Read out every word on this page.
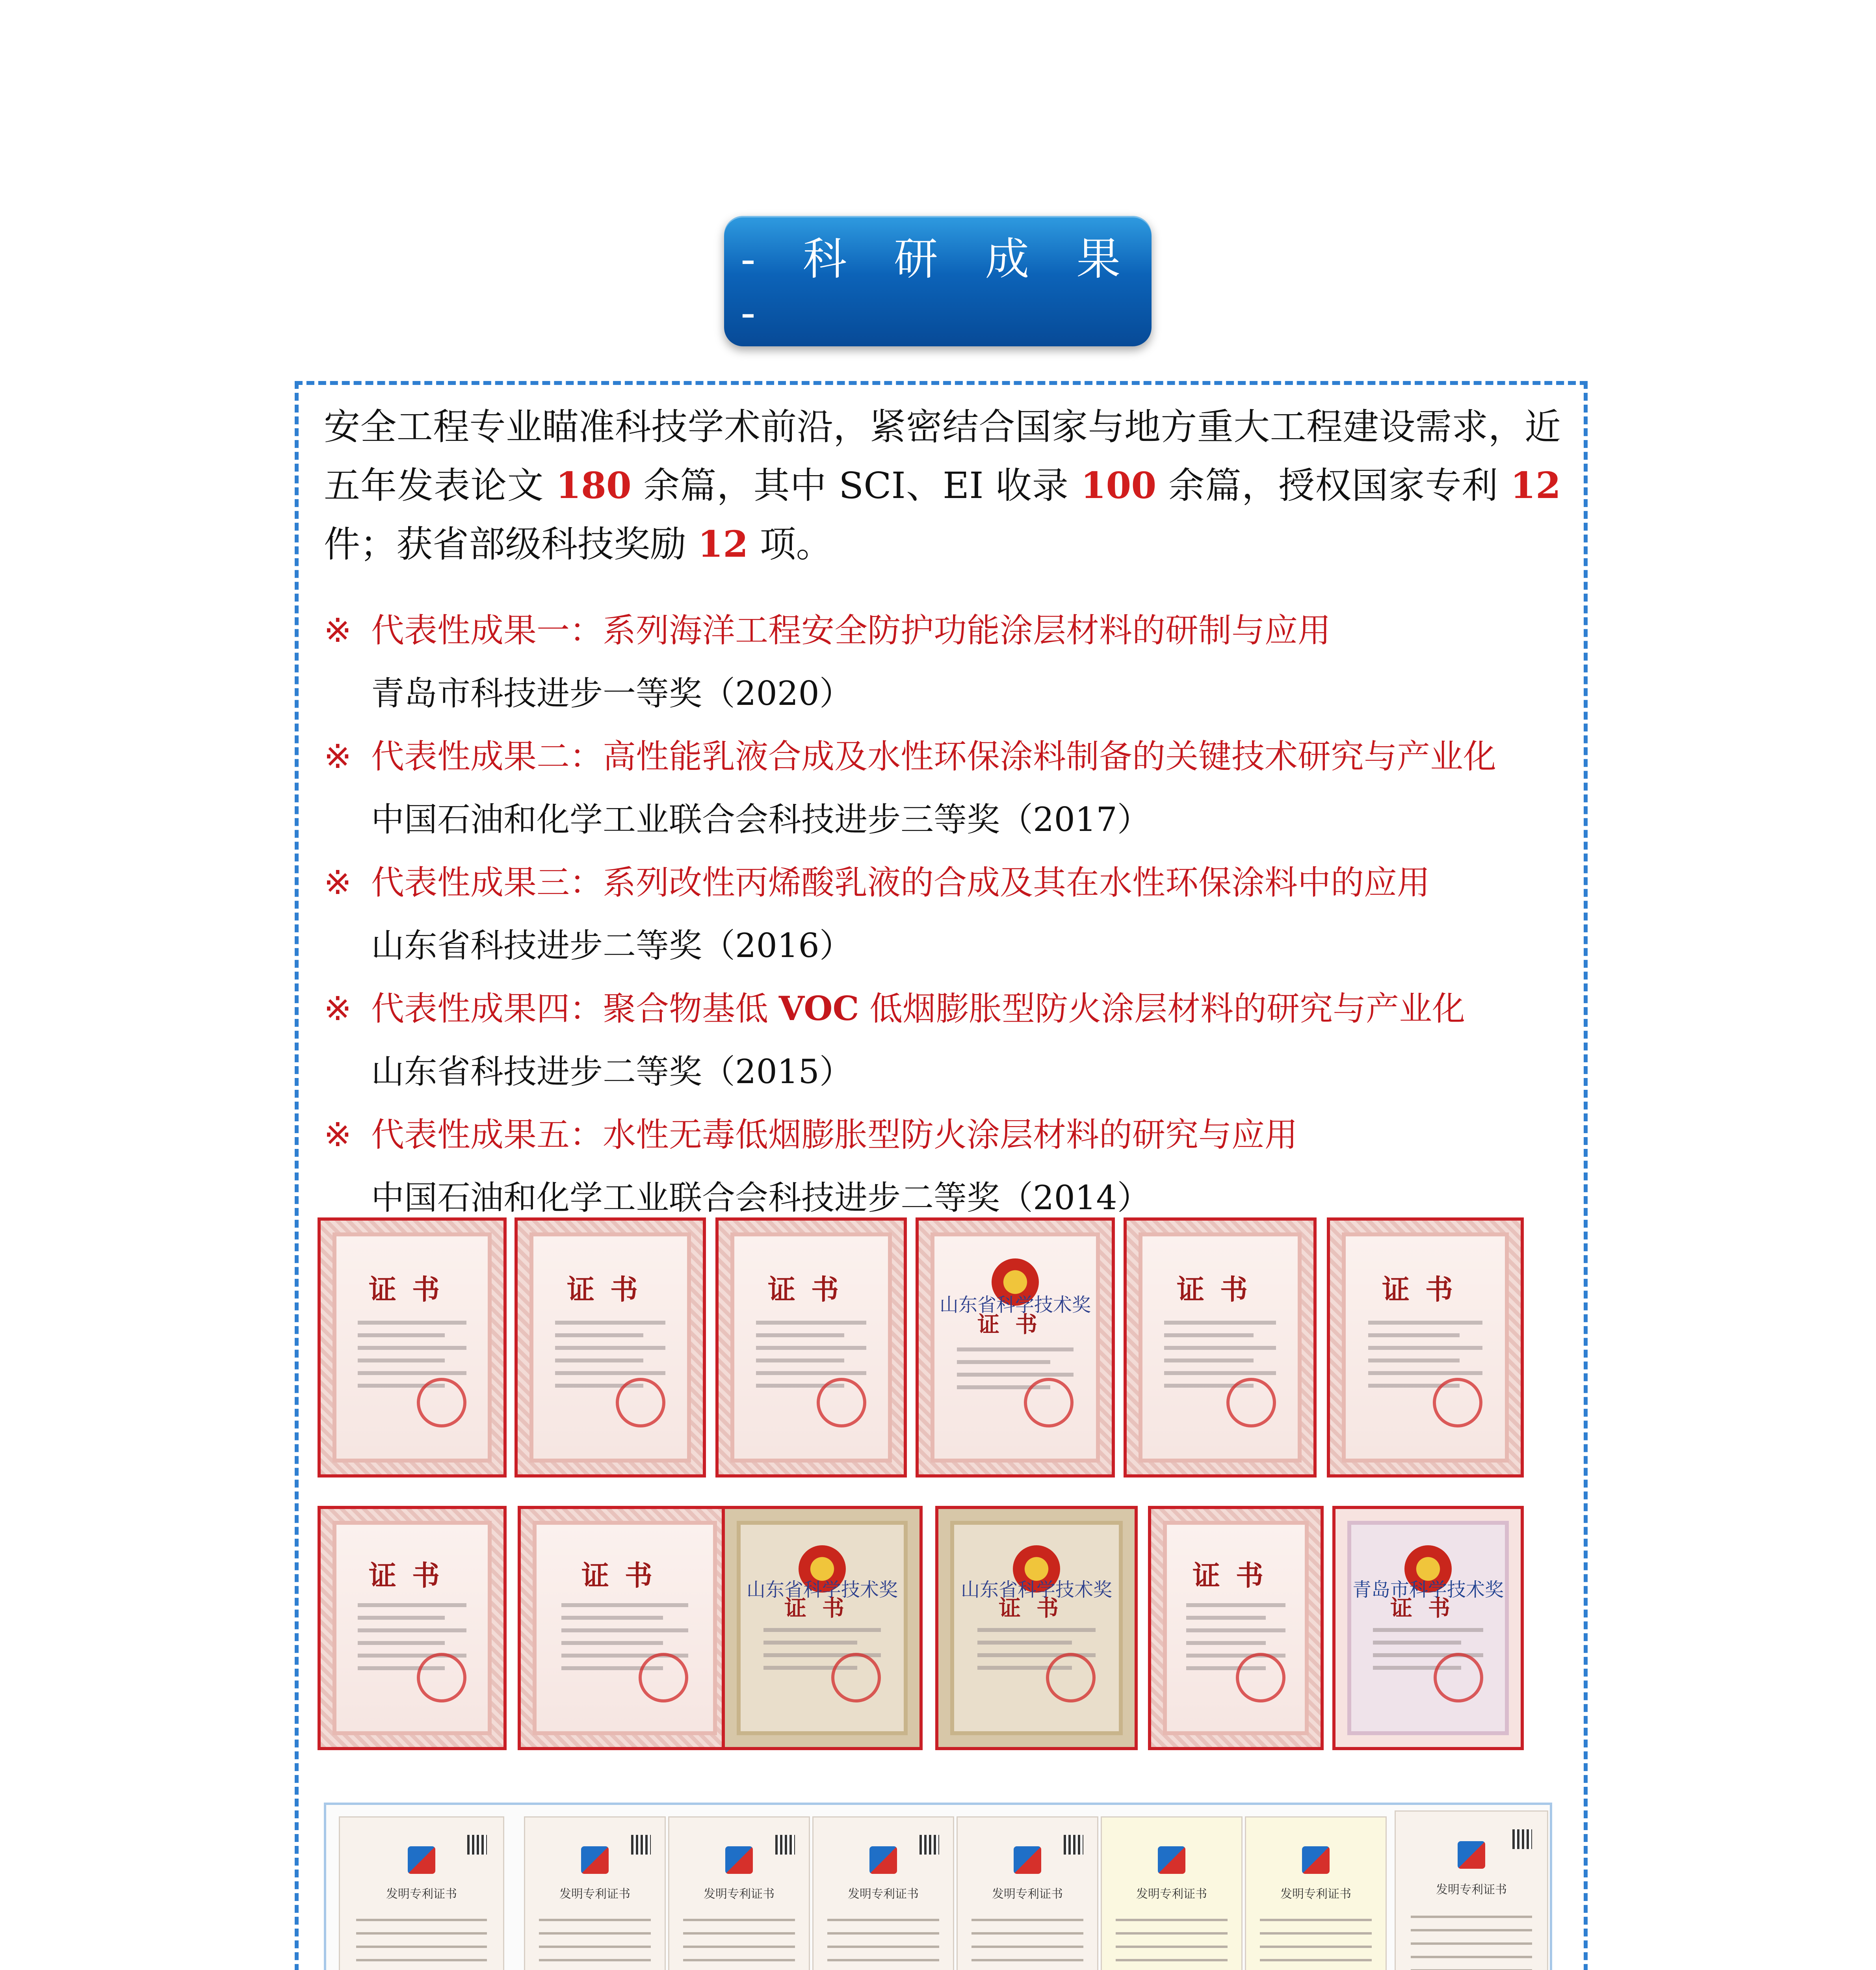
- 科 研 成 果 -
安全工程专业瞄准科技学术前沿，紧密结合国家与地方重大工程建设需求，近五年发表论文 180 余篇，其中 SCI、EI 收录 100 余篇，授权国家专利 12 件；获省部级科技奖励 12 项。
※ 代表性成果一：系列海洋工程安全防护功能涂层材料的研制与应用
青岛市科技进步一等奖（2020）
※ 代表性成果二：高性能乳液合成及水性环保涂料制备的关键技术研究与产业化
中国石油和化学工业联合会科技进步三等奖（2017）
※ 代表性成果三：系列改性丙烯酸乳液的合成及其在水性环保涂料中的应用
山东省科技进步二等奖（2016）
※ 代表性成果四：聚合物基低 VOC 低烟膨胀型防火涂层材料的研究与产业化
山东省科技进步二等奖（2015）
※ 代表性成果五：水性无毒低烟膨胀型防火涂层材料的研究与应用
中国石油和化学工业联合会科技进步二等奖（2014）
证书	证书	证书	山东省科学技术奖
证书
证书	证书
证书	证书	山东省科学技术奖
证书
山东省科学技术奖
证书
证书	青岛市科学技术奖
证书
发明专利证书	发明专利证书	发明专利证书	发明专利证书	发明专利证书	发明专利证书	发明专利证书	发明专利证书
